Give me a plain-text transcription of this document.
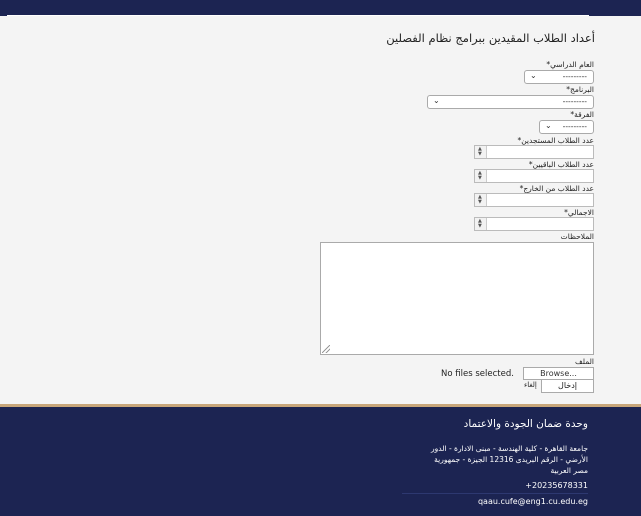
أعداد الطلاب المقيدين ببرامج نظام الفصلين
العام الدراسي*
---------
⌄
البرنامج*
---------
⌄
الفرقة*
---------
⌄
عدد الطلاب المستجدين*
▲
▼
عدد الطلاب الباقيين*
▲
▼
عدد الطلاب من الخارج*
▲
▼
الاجمالي*
▲
▼
الملاحظات
الملف
Browse...
No files selected.
إدخال
إلغاء
وحدة ضمان الجودة والاعتماد
جامعة القاهرة - كلية الهندسة - مبنى الادارة - الدور الأرضي - الرقم البريدى 12316 الجيزة - جمهورية مصر العربية
+20235678331
qaau.cufe@eng1.cu.edu.eg
